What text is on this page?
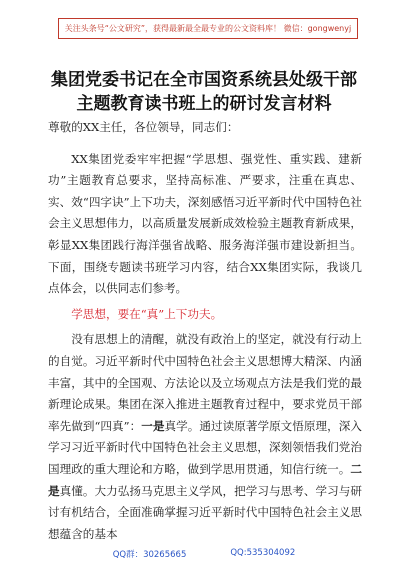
关注头条号“公文研究”，获得最新最全最专业的公文资料库！ 微信：gongwenyj
集团党委书记在全市国资系统县处级干部
主题教育读书班上的研讨发言材料

尊敬的XX主任，各位领导，同志们：

XX集团党委牢牢把握“学思想、强党性、重实践、建新功”主题教育总要求，坚持高标准、严要求，注重在真忠、实、效“四字诀”上下功夫，深刻感悟习近平新时代中国特色社会主义思想伟力，以高质量发展新成效检验主题教育新成果，彰显XX集团践行海洋强省战略、服务海洋强市建设新担当。下面，围绕专题读书班学习内容，结合XX集团实际，我谈几点体会，以供同志们参考。

学思想，要在“真”上下功夫。

没有思想上的清醒，就没有政治上的坚定，就没有行动上的自觉。习近平新时代中国特色社会主义思想博大精深、内涵丰富，其中的全国观、方法论以及立场观点方法是我们党的最新理论成果。集团在深入推进主题教育过程中，要求党员干部率先做到“四真”：一是真学。通过读原著学原文悟原理，深入学习习近平新时代中国特色社会主义思想，深刻领悟我们党治国理政的重大理论和方略，做到学思用贯通，知信行统一。二是真懂。大力弘扬马克思主义学风，把学习与思考、学习与研讨有机结合，全面准确掌握习近平新时代中国特色社会主义思想蕴含的基本

QQ群：30265665	QQ:535304092
